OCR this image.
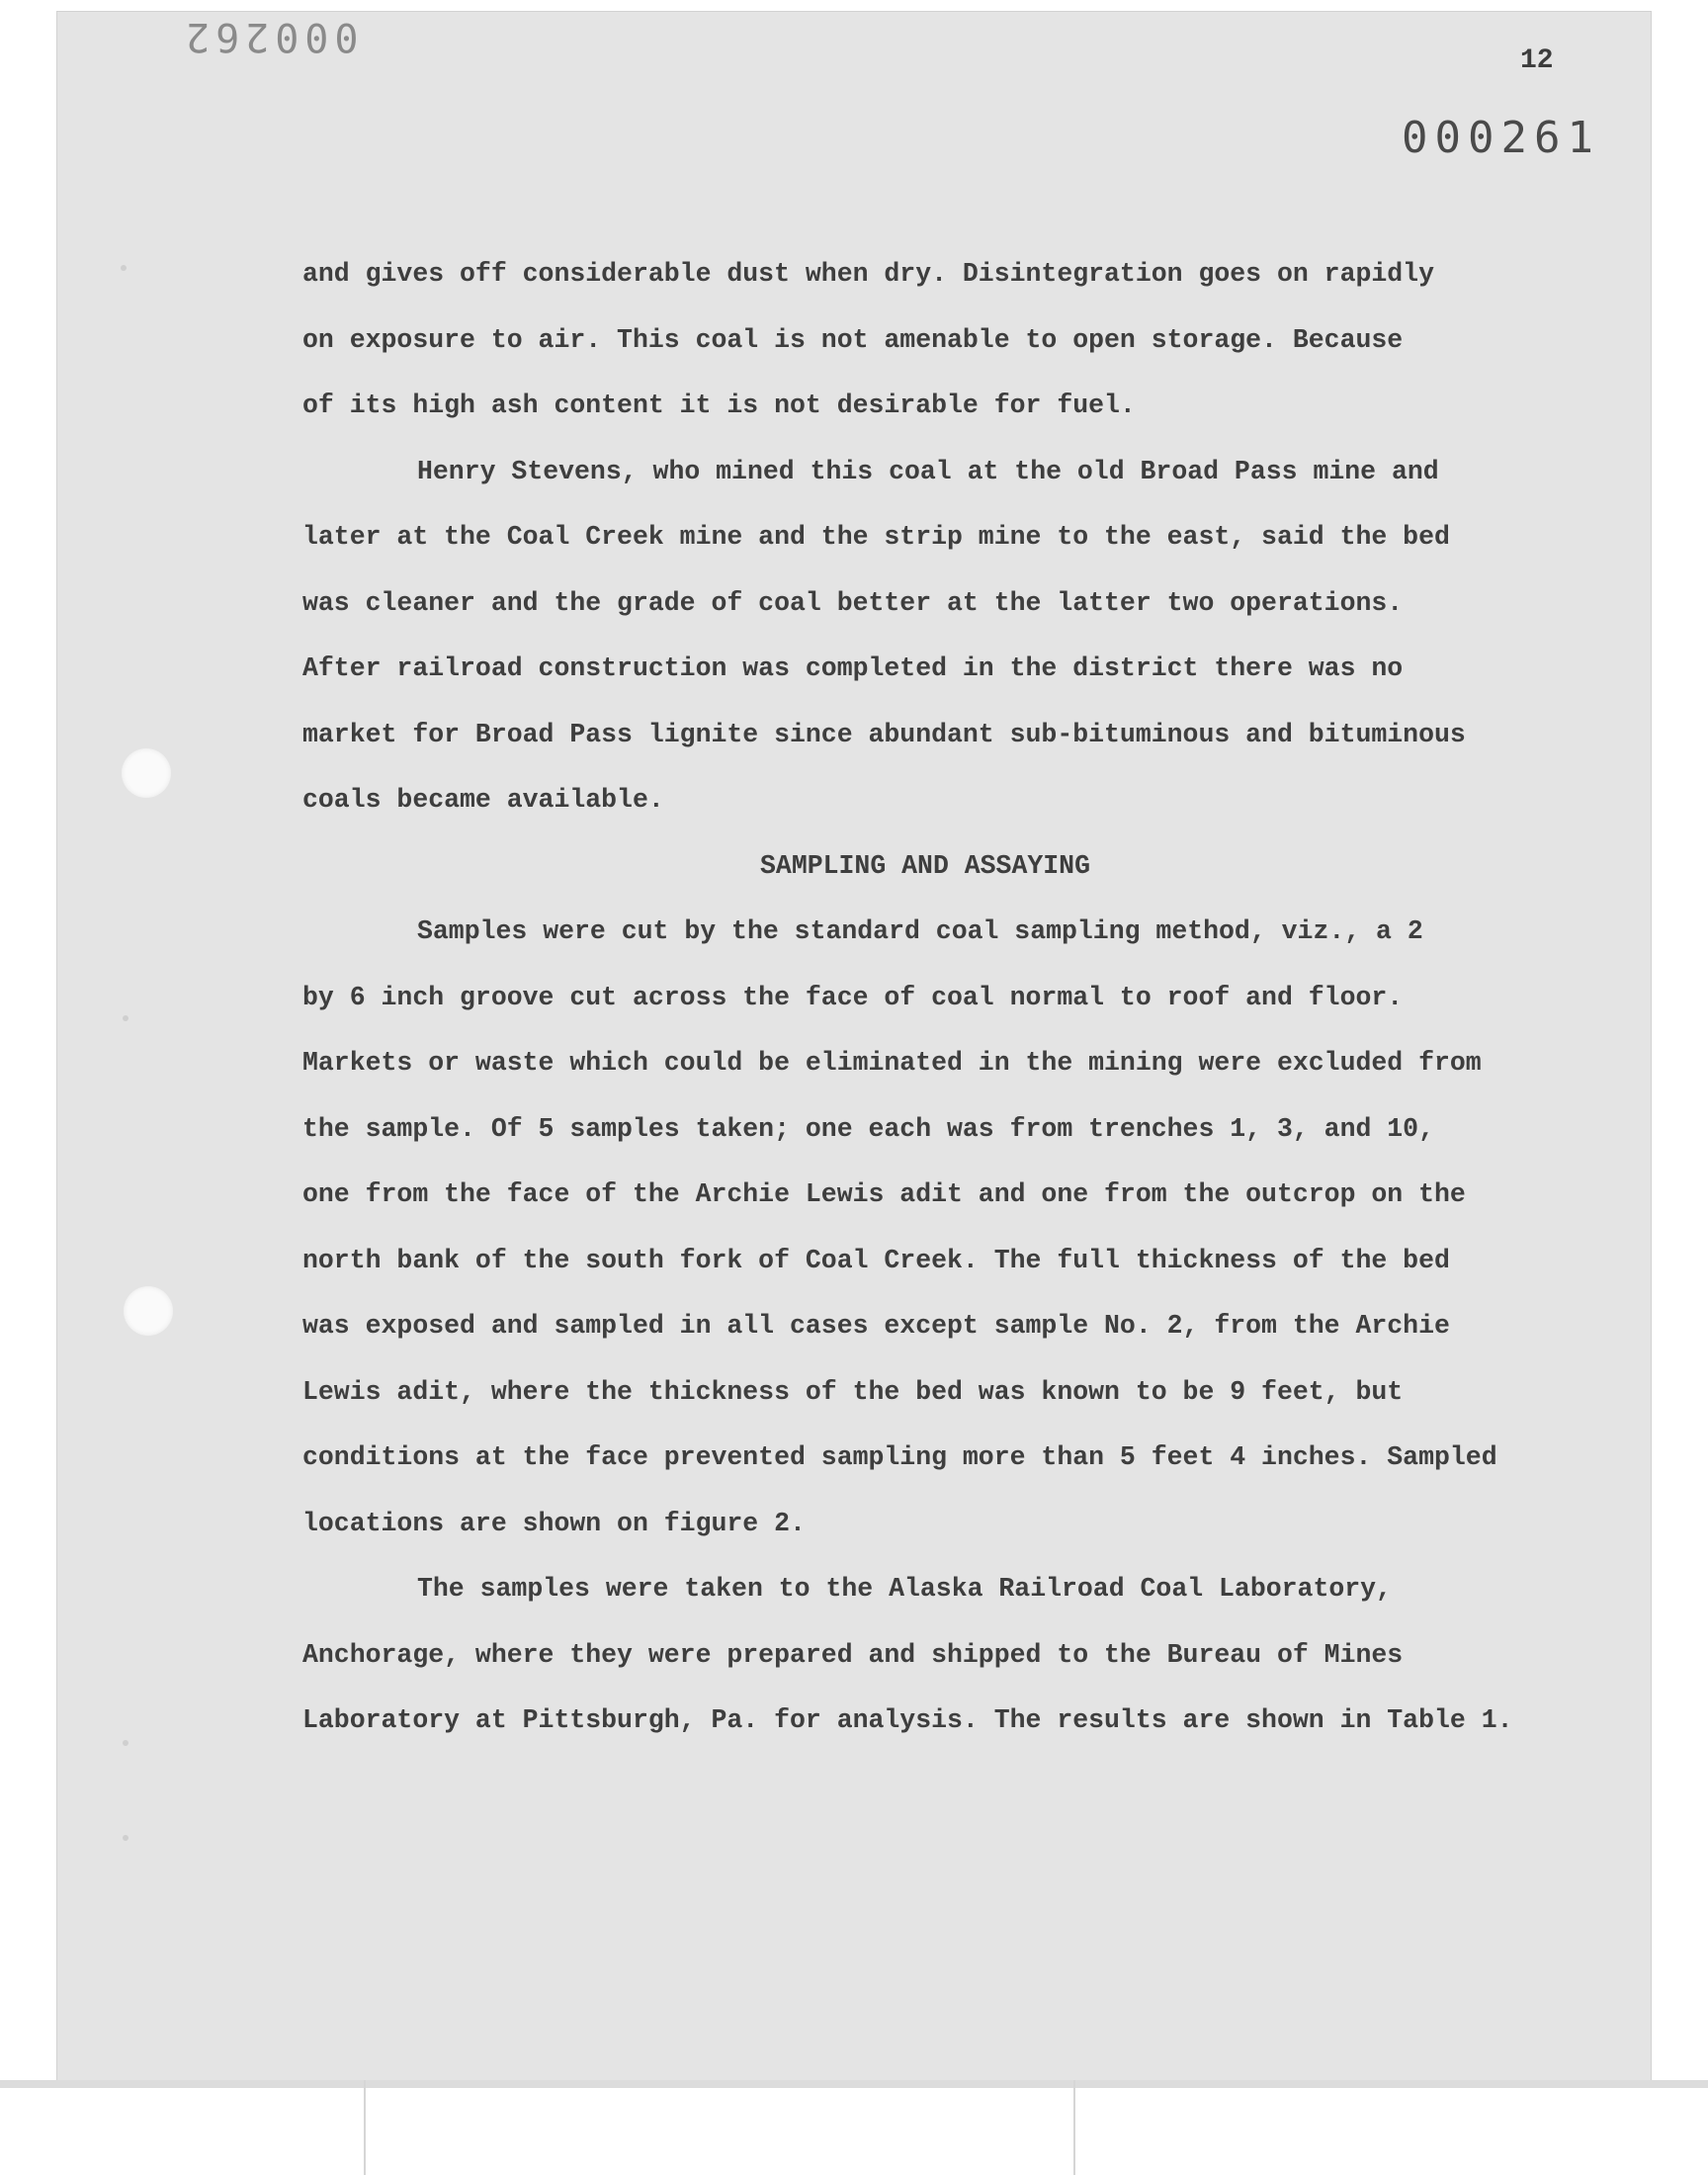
000262
12
000261

and gives off considerable dust when dry. Disintegration goes on rapidly

on exposure to air. This coal is not amenable to open storage. Because

of its high ash content it is not desirable for fuel.

Henry Stevens, who mined this coal at the old Broad Pass mine and

later at the Coal Creek mine and the strip mine to the east, said the bed

was cleaner and the grade of coal better at the latter two operations.

After railroad construction was completed in the district there was no

market for Broad Pass lignite since abundant sub-bituminous and bituminous

coals became available.

SAMPLING AND ASSAYING

Samples were cut by the standard coal sampling method, viz., a 2

by 6 inch groove cut across the face of coal normal to roof and floor.

Markets or waste which could be eliminated in the mining were excluded from

the sample. Of 5 samples taken; one each was from trenches 1, 3, and 10,

one from the face of the Archie Lewis adit and one from the outcrop on the

north bank of the south fork of Coal Creek. The full thickness of the bed

was exposed and sampled in all cases except sample No. 2, from the Archie

Lewis adit, where the thickness of the bed was known to be 9 feet, but

conditions at the face prevented sampling more than 5 feet 4 inches. Sampled

locations are shown on figure 2.

The samples were taken to the Alaska Railroad Coal Laboratory,

Anchorage, where they were prepared and shipped to the Bureau of Mines

Laboratory at Pittsburgh, Pa. for analysis. The results are shown in Table 1.
